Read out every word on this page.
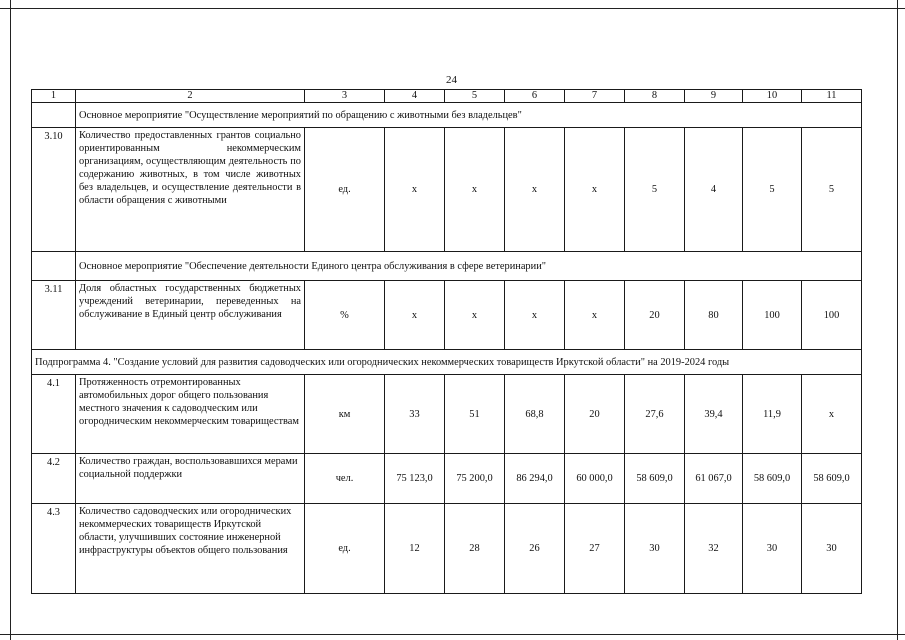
24
1	2	3	4	5	6	7	8	9	10	11
	Основное мероприятие "Осуществление мероприятий по обращению с животными без владельцев"									
3.10	Количество предоставленных грантов социально ориентированным некоммерческим организациям, осуществляющим деятельность по содержанию животных, в том числе животных без владельцев, и осуществление деятельности в области обращения с животными	ед.	х	х	х	х	5	4	5	5
	Основное мероприятие "Обеспечение деятельности Единого центра обслуживания в сфере ветеринарии"									
3.11	Доля областных государственных бюджетных учреждений ветеринарии, переведенных на обслуживание в Единый центр обслуживания	%	х	х	х	х	20	80	100	100
Подпрограмма 4. "Создание условий для развития садоводческих или огороднических некоммерческих товариществ Иркутской области" на 2019-2024 годы										
4.1	Протяженность отремонтированных автомобильных дорог общего пользования местного значения к садоводческим или огородническим некоммерческим товариществам	км	33	51	68,8	20	27,6	39,4	11,9	х
4.2	Количество граждан, воспользовавшихся мерами социальной поддержки	чел.	75 123,0	75 200,0	86 294,0	60 000,0	58 609,0	61 067,0	58 609,0	58 609,0
4.3	Количество садоводческих или огороднических некоммерческих товариществ Иркутской области, улучшивших состояние инженерной инфраструктуры объектов общего пользования	ед.	12	28	26	27	30	32	30	30
